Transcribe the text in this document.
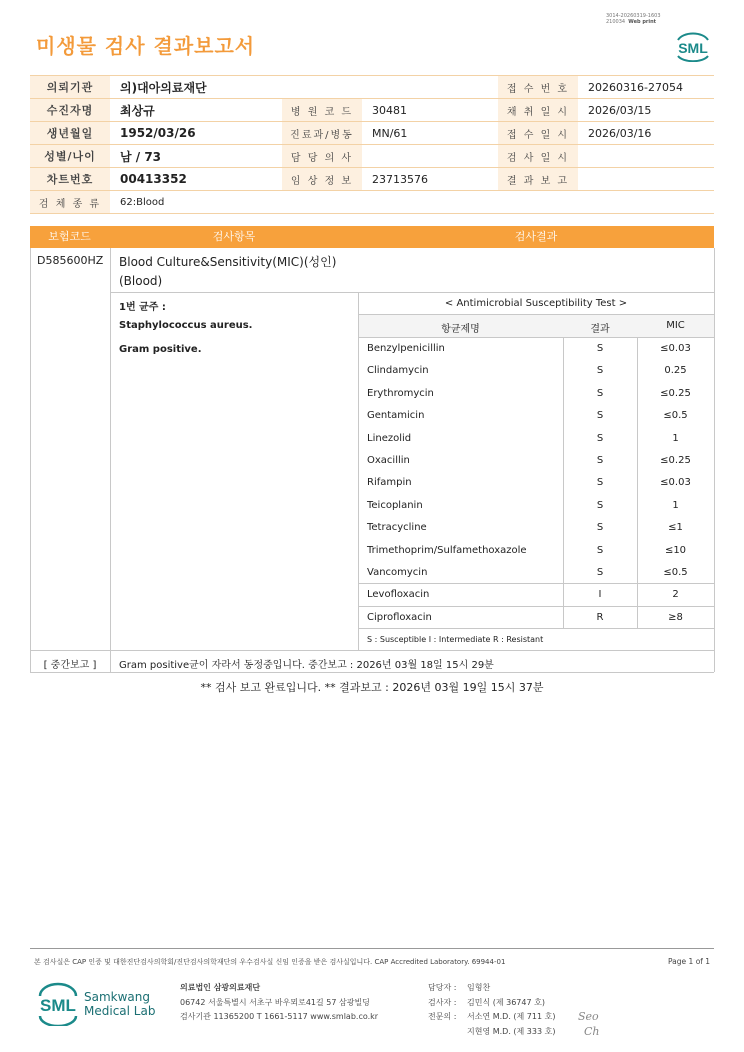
미생물 검사 결과보고서
3014-20260319-1603
210034 Web print
SML
의뢰기관	의)대아의료재단			접 수 번 호	20260316-27054
수진자명	최상규	병 원 코 드	30481	채 취 일 시	2026/03/15
생년월일	1952/03/26	진료과/병동	MN/61	접 수 일 시	2026/03/16
성별/나이	남 / 73	담 당 의 사		검 사 일 시	
차트번호	00413352	임 상 정 보	23713576	결 과 보 고	
검 체 종 류	62:Blood				
보험코드	검사항목	검사결과
D585600HZ Blood Culture&Sensitivity(MIC)(성인)
(Blood)
1번 균주 :
Staphylococcus aureus.
Gram positive.
< Antimicrobial Susceptibility Test >
항균제명	결과	MIC
Benzylpenicillin	S	≤0.03
Clindamycin	S	0.25
Erythromycin	S	≤0.25
Gentamicin	S	≤0.5
Linezolid	S	1
Oxacillin	S	≤0.25
Rifampin	S	≤0.03
Teicoplanin	S	1
Tetracycline	S	≤1
Trimethoprim/Sulfamethoxazole	S	≤10
Vancomycin	S	≤0.5
Levofloxacin	I	2
Ciprofloxacin	R	≥8
S : Susceptible I : Intermediate R : Resistant
[ 중간보고 ]	Gram positive균이 자라서 동정중입니다. 중간보고 : 2026년 03월 18일 15시 29분
** 검사 보고 완료입니다. ** 결과보고 : 2026년 03월 19일 15시 37분
본 검사실은 CAP 인증 및 대한진단검사의학회/진단검사의학재단의 우수검사실 신임 인증을 받은 검사실입니다. CAP Accredited Laboratory. 69944-01	Page 1 of 1
SML Samkwang
Medical Lab
의료법인 삼광의료재단
06742 서울특별시 서초구 바우뫼로41길 57 삼광빌딩
검사기관 11365200 T 1661-5117 www.smlab.co.kr
담당자 : 임형찬
검사자 : 김민식 (제 36747 호)
전문의 : 서소연 M.D. (제 711 호)
지현영 M.D. (제 333 호)
Seo
Ch
